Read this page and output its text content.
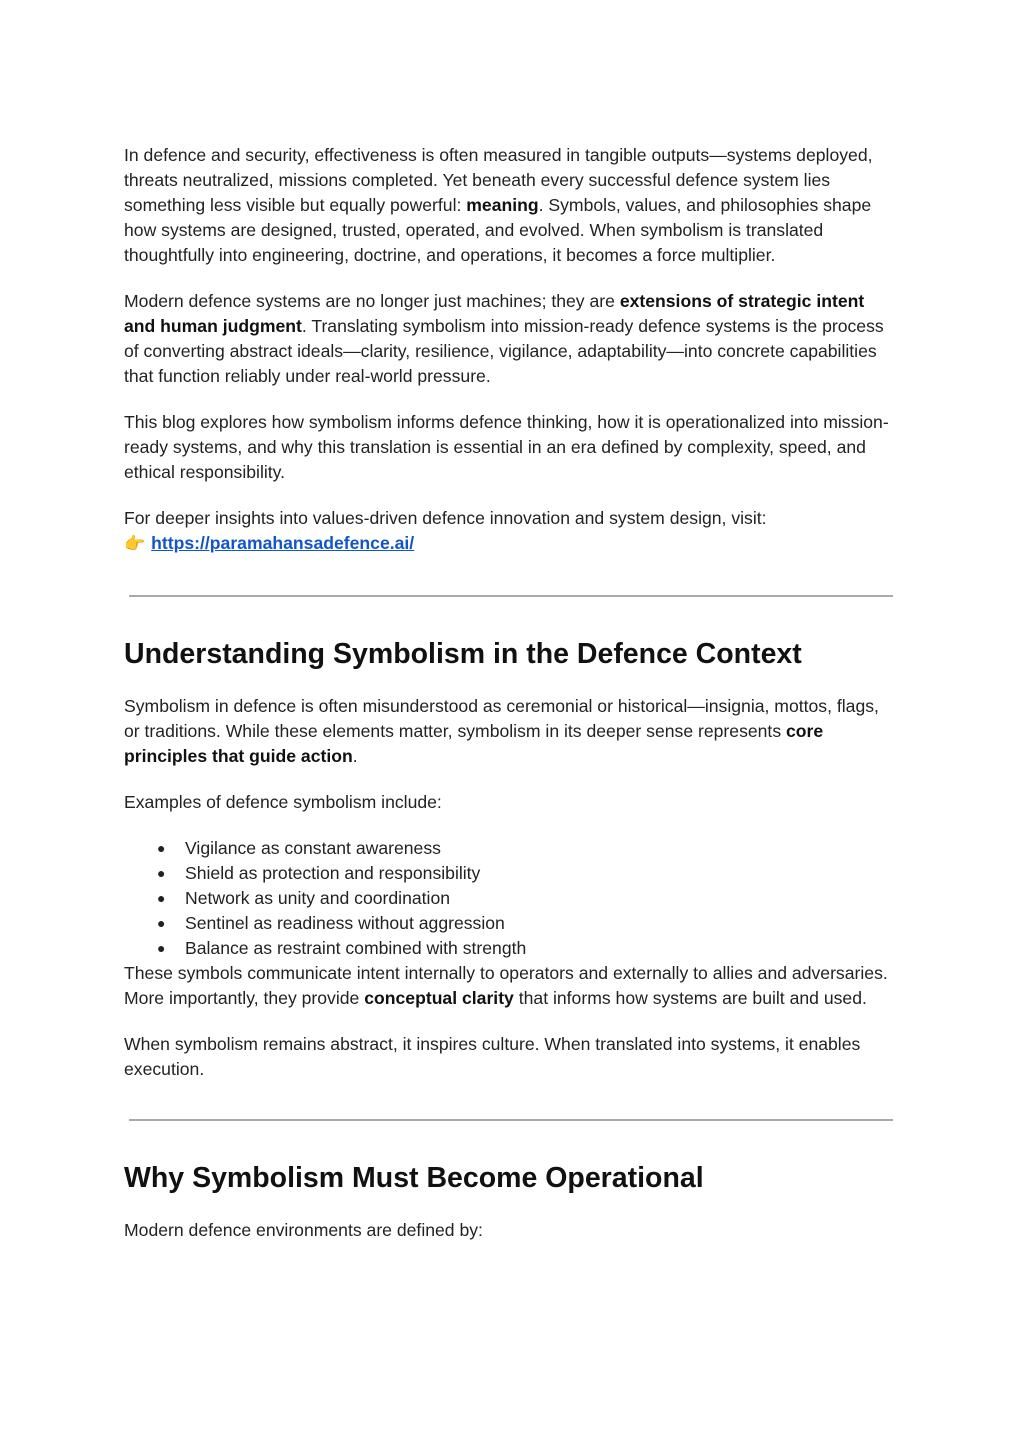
In defence and security, effectiveness is often measured in tangible outputs—systems deployed, threats neutralized, missions completed. Yet beneath every successful defence system lies something less visible but equally powerful: meaning. Symbols, values, and philosophies shape how systems are designed, trusted, operated, and evolved. When symbolism is translated thoughtfully into engineering, doctrine, and operations, it becomes a force multiplier.

Modern defence systems are no longer just machines; they are extensions of strategic intent and human judgment. Translating symbolism into mission-ready defence systems is the process of converting abstract ideals—clarity, resilience, vigilance, adaptability—into concrete capabilities that function reliably under real-world pressure.

This blog explores how symbolism informs defence thinking, how it is operationalized into mission-ready systems, and why this translation is essential in an era defined by complexity, speed, and ethical responsibility.

For deeper insights into values-driven defence innovation and system design, visit:

👉 https://paramahansadefence.ai/

Understanding Symbolism in the Defence Context

Symbolism in defence is often misunderstood as ceremonial or historical—insignia, mottos, flags, or traditions. While these elements matter, symbolism in its deeper sense represents core principles that guide action.

Examples of defence symbolism include:

● Vigilance as constant awareness
● Shield as protection and responsibility
● Network as unity and coordination
● Sentinel as readiness without aggression
● Balance as restraint combined with strength

These symbols communicate intent internally to operators and externally to allies and adversaries. More importantly, they provide conceptual clarity that informs how systems are built and used.

When symbolism remains abstract, it inspires culture. When translated into systems, it enables execution.

Why Symbolism Must Become Operational

Modern defence environments are defined by:
